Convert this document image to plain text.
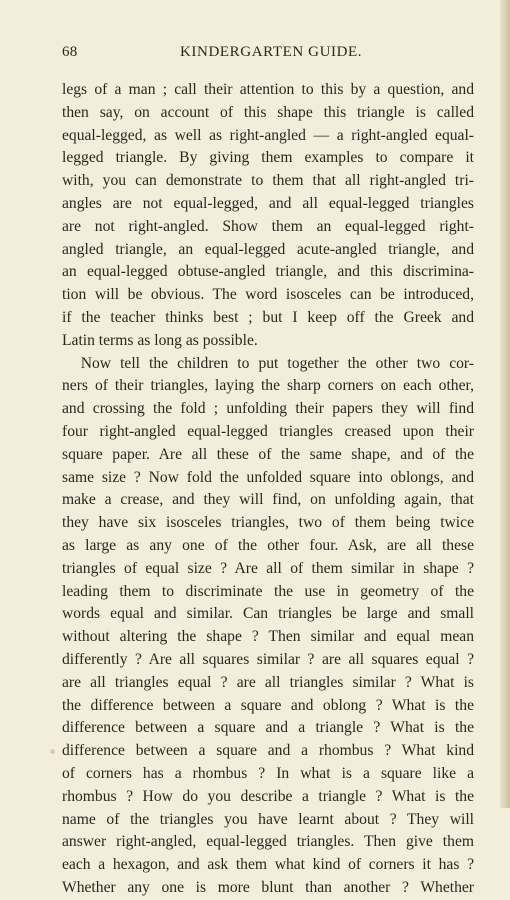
68	KINDERGARTEN GUIDE.
legs of a man ; call their attention to this by a question, and
then say, on account of this shape this triangle is called
equal-legged, as well as right-angled — a right-angled equal-
legged triangle. By giving them examples to compare it
with, you can demonstrate to them that all right-angled tri-
angles are not equal-legged, and all equal-legged triangles
are not right-angled. Show them an equal-legged right-
angled triangle, an equal-legged acute-angled triangle, and
an equal-legged obtuse-angled triangle, and this discrimina-
tion will be obvious. The word isosceles can be introduced,
if the teacher thinks best ; but I keep off the Greek and
Latin terms as long as possible.
Now tell the children to put together the other two cor-
ners of their triangles, laying the sharp corners on each other,
and crossing the fold ; unfolding their papers they will find
four right-angled equal-legged triangles creased upon their
square paper. Are all these of the same shape, and of the
same size ? Now fold the unfolded square into oblongs, and
make a crease, and they will find, on unfolding again, that
they have six isosceles triangles, two of them being twice
as large as any one of the other four. Ask, are all these
triangles of equal size ? Are all of them similar in shape ?
leading them to discriminate the use in geometry of the
words equal and similar. Can triangles be large and small
without altering the shape ? Then similar and equal mean
differently ? Are all squares similar ? are all squares equal ?
are all triangles equal ? are all triangles similar ? What is
the difference between a square and oblong ? What is the
difference between a square and a triangle ? What is the
difference between a square and a rhombus ? What kind
of corners has a rhombus ? In what is a square like a
rhombus ? How do you describe a triangle ? What is the
name of the triangles you have learnt about ? They will
answer right-angled, equal-legged triangles. Then give them
each a hexagon, and ask them what kind of corners it has ?
Whether any one is more blunt than another ? Whether
